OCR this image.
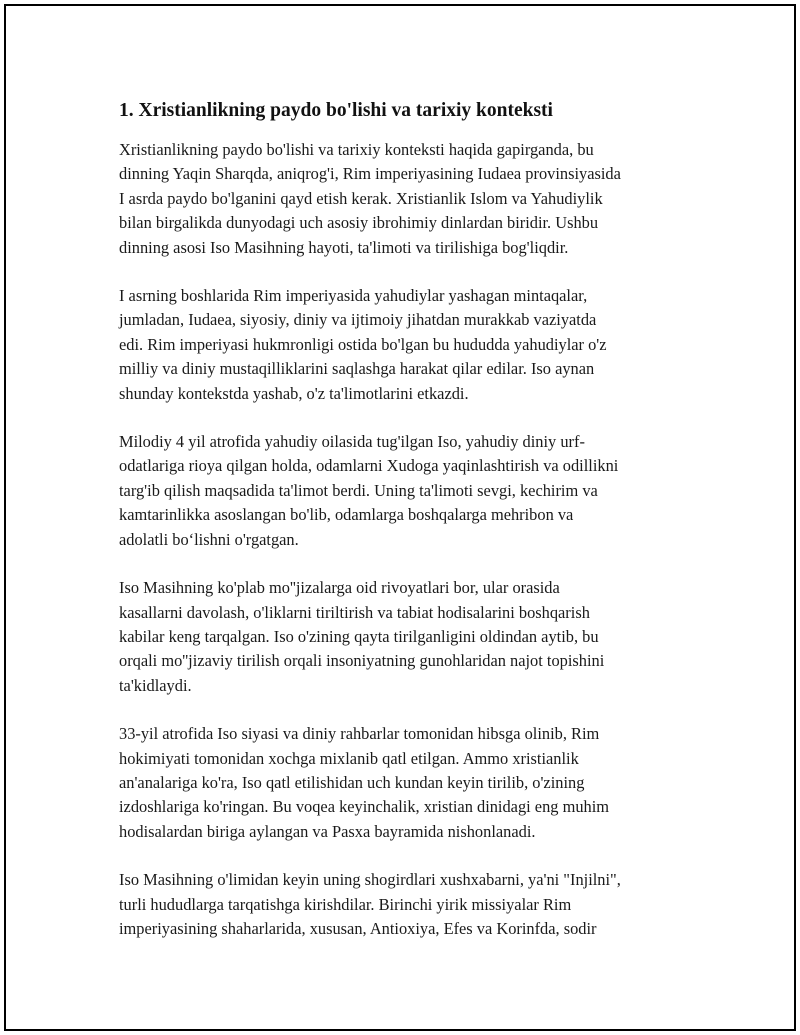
1. Xristianlikning paydo bo'lishi va tarixiy konteksti

Xristianlikning paydo bo'lishi va tarixiy konteksti haqida gapirganda, bu
dinning Yaqin Sharqda, aniqrog'i, Rim imperiyasining Iudaea provinsiyasida
I asrda paydo bo'lganini qayd etish kerak. Xristianlik Islom va Yahudiylik
bilan birgalikda dunyodagi uch asosiy ibrohimiy dinlardan biridir. Ushbu
dinning asosi Iso Masihning hayoti, ta'limoti va tirilishiga bog'liqdir.

I asrning boshlarida Rim imperiyasida yahudiylar yashagan mintaqalar,
jumladan, Iudaea, siyosiy, diniy va ijtimoiy jihatdan murakkab vaziyatda
edi. Rim imperiyasi hukmronligi ostida bo'lgan bu hududda yahudiylar o'z
milliy va diniy mustaqilliklarini saqlashga harakat qilar edilar. Iso aynan
shunday kontekstda yashab, o'z ta'limotlarini etkazdi.

Milodiy 4 yil atrofida yahudiy oilasida tug'ilgan Iso, yahudiy diniy urf-
odatlariga rioya qilgan holda, odamlarni Xudoga yaqinlashtirish va odillikni
targ'ib qilish maqsadida ta'limot berdi. Uning ta'limoti sevgi, kechirim va
kamtarinlikka asoslangan bo'lib, odamlarga boshqalarga mehribon va
adolatli bo‘lishni o'rgatgan.

Iso Masihning ko'plab mo''jizalarga oid rivoyatlari bor, ular orasida
kasallarni davolash, o'liklarni tiriltirish va tabiat hodisalarini boshqarish
kabilar keng tarqalgan. Iso o'zining qayta tirilganligini oldindan aytib, bu
orqali mo''jizaviy tirilish orqali insoniyatning gunohlaridan najot topishini
ta'kidlaydi.

33-yil atrofida Iso siyasi va diniy rahbarlar tomonidan hibsga olinib, Rim
hokimiyati tomonidan xochga mixlanib qatl etilgan. Ammo xristianlik
an'analariga ko'ra, Iso qatl etilishidan uch kundan keyin tirilib, o'zining
izdoshlariga ko'ringan. Bu voqea keyinchalik, xristian dinidagi eng muhim
hodisalardan biriga aylangan va Pasxa bayramida nishonlanadi.

Iso Masihning o'limidan keyin uning shogirdlari xushxabarni, ya'ni "Injilni",
turli hududlarga tarqatishga kirishdilar. Birinchi yirik missiyalar Rim
imperiyasining shaharlarida, xususan, Antioxiya, Efes va Korinfda, sodir
